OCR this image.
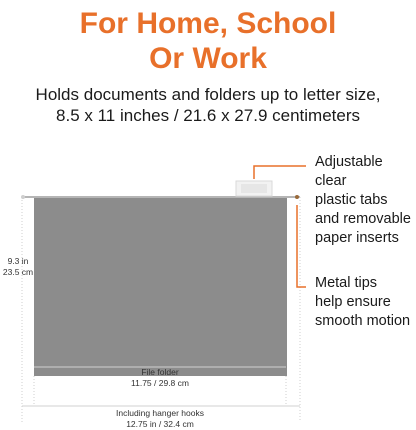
For Home, School
Or Work
Holds documents and folders up to letter size,
8.5 x 11 inches / 21.6 x 27.9 centimeters
9.3 in
23.5 cm
File folder
11.75 / 29.8 cm
Including hanger hooks
12.75 in / 32.4 cm
Adjustable clear
plastic tabs
and removable
paper inserts
Metal tips
help ensure
smooth motion
